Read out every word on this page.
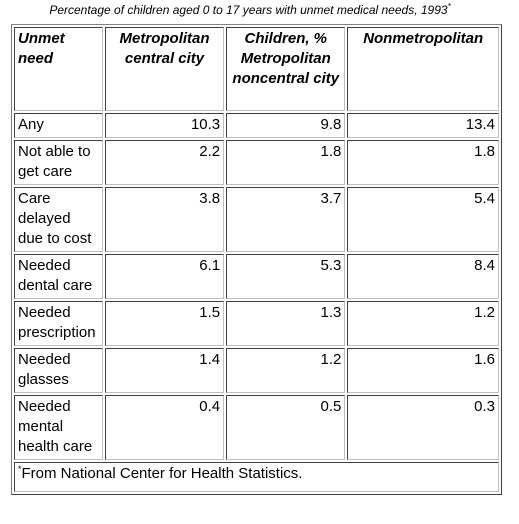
Percentage of children aged 0 to 17 years with unmet medical needs, 1993*
Unmet need	Metropolitan central city	Children, % Metropolitan noncentral city	Nonmetropolitan
Any	10.3	9.8	13.4
Not able to get care	2.2	1.8	1.8
Care delayed due to cost	3.8	3.7	5.4
Needed dental care	6.1	5.3	8.4
Needed prescription	1.5	1.3	1.2
Needed glasses	1.4	1.2	1.6
Needed mental health care	0.4	0.5	0.3
*From National Center for Health Statistics.			
